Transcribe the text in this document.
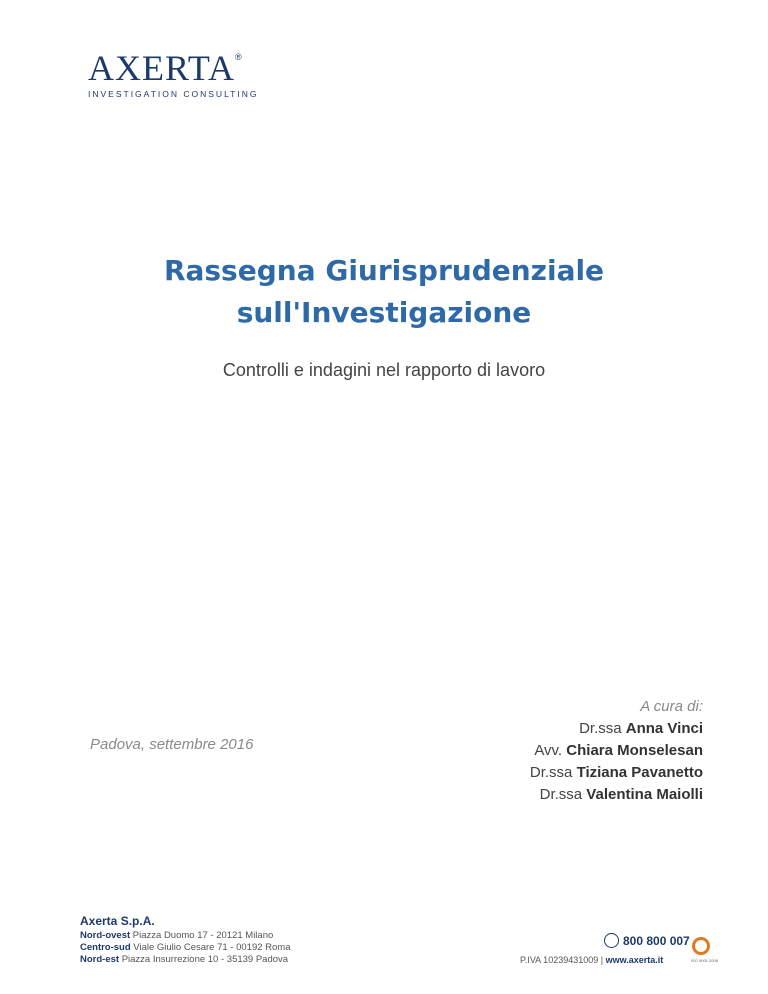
AXERTA®
INVESTIGATION CONSULTING
Rassegna Giurisprudenziale
sull'Investigazione
Controlli e indagini nel rapporto di lavoro
Padova, settembre 2016
A cura di:
Dr.ssa Anna Vinci
Avv. Chiara Monselesan
Dr.ssa Tiziana Pavanetto
Dr.ssa Valentina Maiolli
Axerta S.p.A.
Nord-ovest Piazza Duomo 17 - 20121 Milano
Centro-sud Viale Giulio Cesare 71 - 00192 Roma
Nord-est Piazza Insurrezione 10 - 35139 Padova
800 800 007
P.IVA 10239431009 | www.axerta.it	ISO 9001:2008
